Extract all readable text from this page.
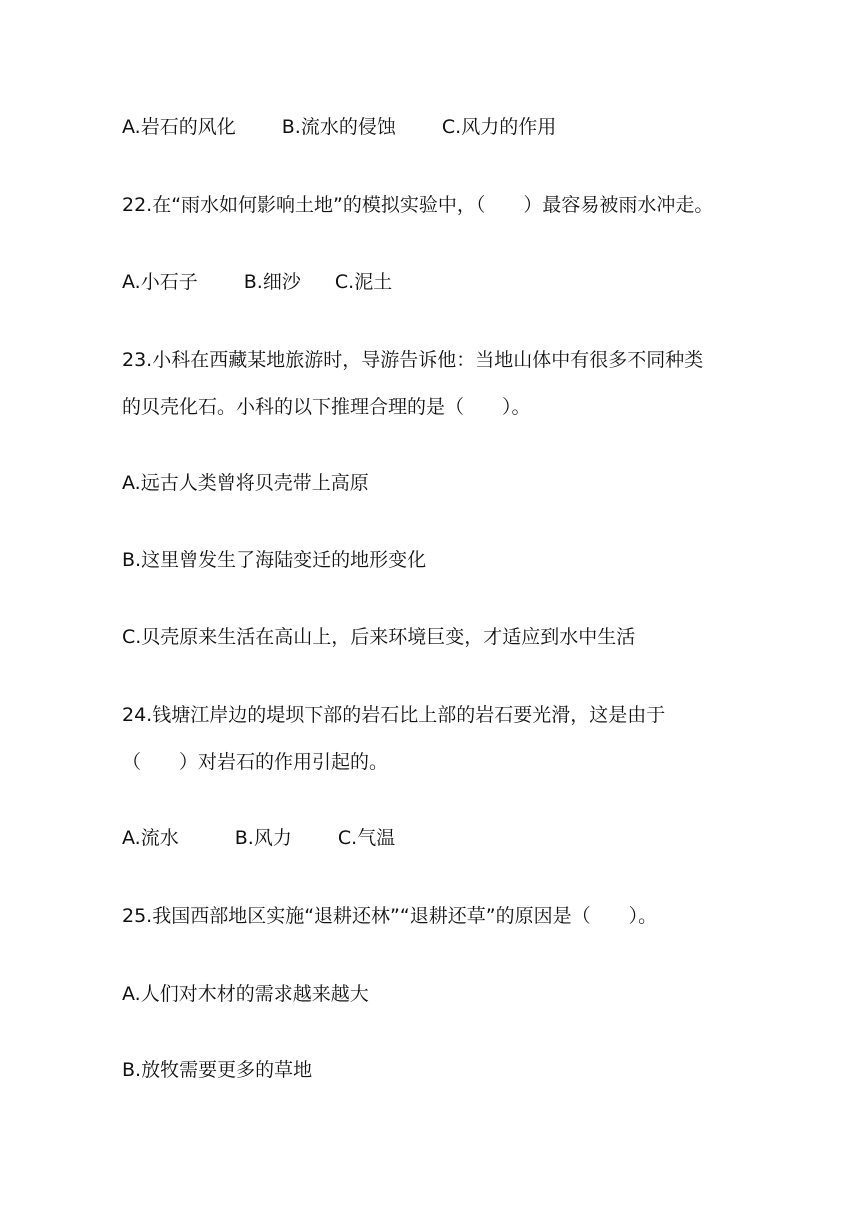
A.岩石的风化 B.流水的侵蚀 C.风力的作用
22.在“雨水如何影响土地”的模拟实验中，（　　）最容易被雨水冲走。
A.小石子 B.细沙 C.泥土
23.小科在西藏某地旅游时，导游告诉他：当地山体中有很多不同种类
的贝壳化石。小科的以下推理合理的是（　　）。
A.远古人类曾将贝壳带上高原
B.这里曾发生了海陆变迁的地形变化
C.贝壳原来生活在高山上，后来环境巨变，才适应到水中生活
24.钱塘江岸边的堤坝下部的岩石比上部的岩石要光滑，这是由于
（　　）对岩石的作用引起的。
A.流水	B.风力 C.气温
25.我国西部地区实施“退耕还林”“退耕还草”的原因是（　　）。
A.人们对木材的需求越来越大
B.放牧需要更多的草地
